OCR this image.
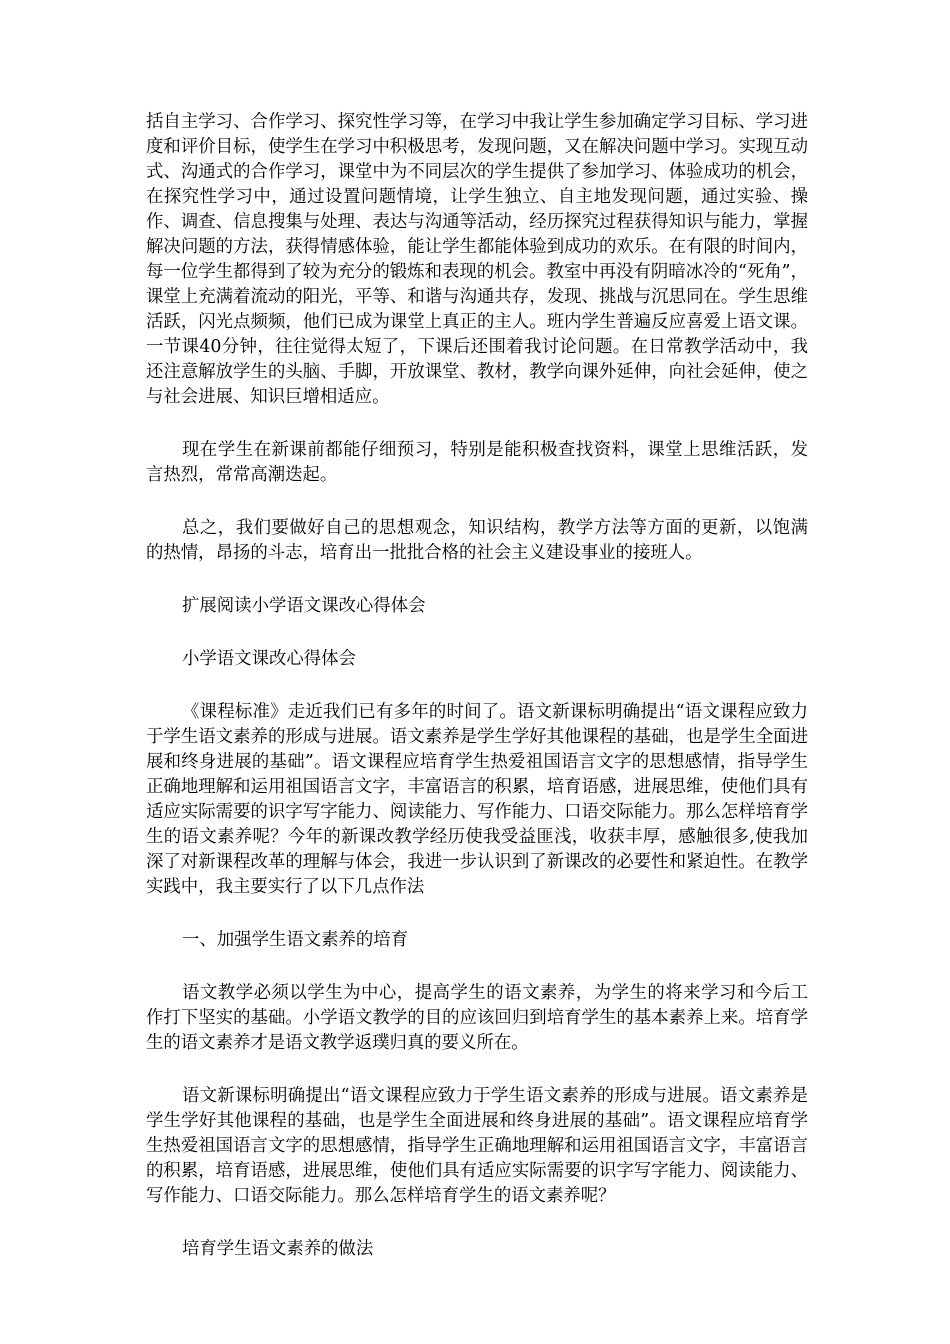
括自主学习、合作学习、探究性学习等，在学习中我让学生参加确定学习目标、学习进度和评价目标，使学生在学习中积极思考，发现问题，又在解决问题中学习。实现互动式、沟通式的合作学习，课堂中为不同层次的学生提供了参加学习、体验成功的机会，在探究性学习中，通过设置问题情境，让学生独立、自主地发现问题，通过实验、操作、调查、信息搜集与处理、表达与沟通等活动，经历探究过程获得知识与能力，掌握解决问题的方法，获得情感体验，能让学生都能体验到成功的欢乐。在有限的时间内，每一位学生都得到了较为充分的锻炼和表现的机会。教室中再没有阴暗冰冷的“死角”，课堂上充满着流动的阳光，平等、和谐与沟通共存，发现、挑战与沉思同在。学生思维活跃，闪光点频频，他们已成为课堂上真正的主人。班内学生普遍反应喜爱上语文课。一节课40分钟，往往觉得太短了，下课后还围着我讨论问题。在日常教学活动中，我还注意解放学生的头脑、手脚，开放课堂、教材，教学向课外延伸，向社会延伸，使之与社会进展、知识巨增相适应。

现在学生在新课前都能仔细预习，特别是能积极查找资料，课堂上思维活跃，发言热烈，常常高潮迭起。

总之，我们要做好自己的思想观念，知识结构，教学方法等方面的更新，以饱满的热情，昂扬的斗志，培育出一批批合格的社会主义建设事业的接班人。

扩展阅读小学语文课改心得体会

小学语文课改心得体会

《课程标准》走近我们已有多年的时间了。语文新课标明确提出“语文课程应致力于学生语文素养的形成与进展。语文素养是学生学好其他课程的基础，也是学生全面进展和终身进展的基础”。语文课程应培育学生热爱祖国语言文字的思想感情，指导学生正确地理解和运用祖国语言文字，丰富语言的积累，培育语感，进展思维，使他们具有适应实际需要的识字写字能力、阅读能力、写作能力、口语交际能力。那么怎样培育学生的语文素养呢？今年的新课改教学经历使我受益匪浅，收获丰厚，感触很多,使我加深了对新课程改革的理解与体会，我进一步认识到了新课改的必要性和紧迫性。在教学实践中，我主要实行了以下几点作法

一、加强学生语文素养的培育

语文教学必须以学生为中心，提高学生的语文素养，为学生的将来学习和今后工作打下坚实的基础。小学语文教学的目的应该回归到培育学生的基本素养上来。培育学生的语文素养才是语文教学返璞归真的要义所在。

语文新课标明确提出“语文课程应致力于学生语文素养的形成与进展。语文素养是学生学好其他课程的基础，也是学生全面进展和终身进展的基础”。语文课程应培育学生热爱祖国语言文字的思想感情，指导学生正确地理解和运用祖国语言文字，丰富语言的积累，培育语感，进展思维，使他们具有适应实际需要的识字写字能力、阅读能力、写作能力、口语交际能力。那么怎样培育学生的语文素养呢？

培育学生语文素养的做法
